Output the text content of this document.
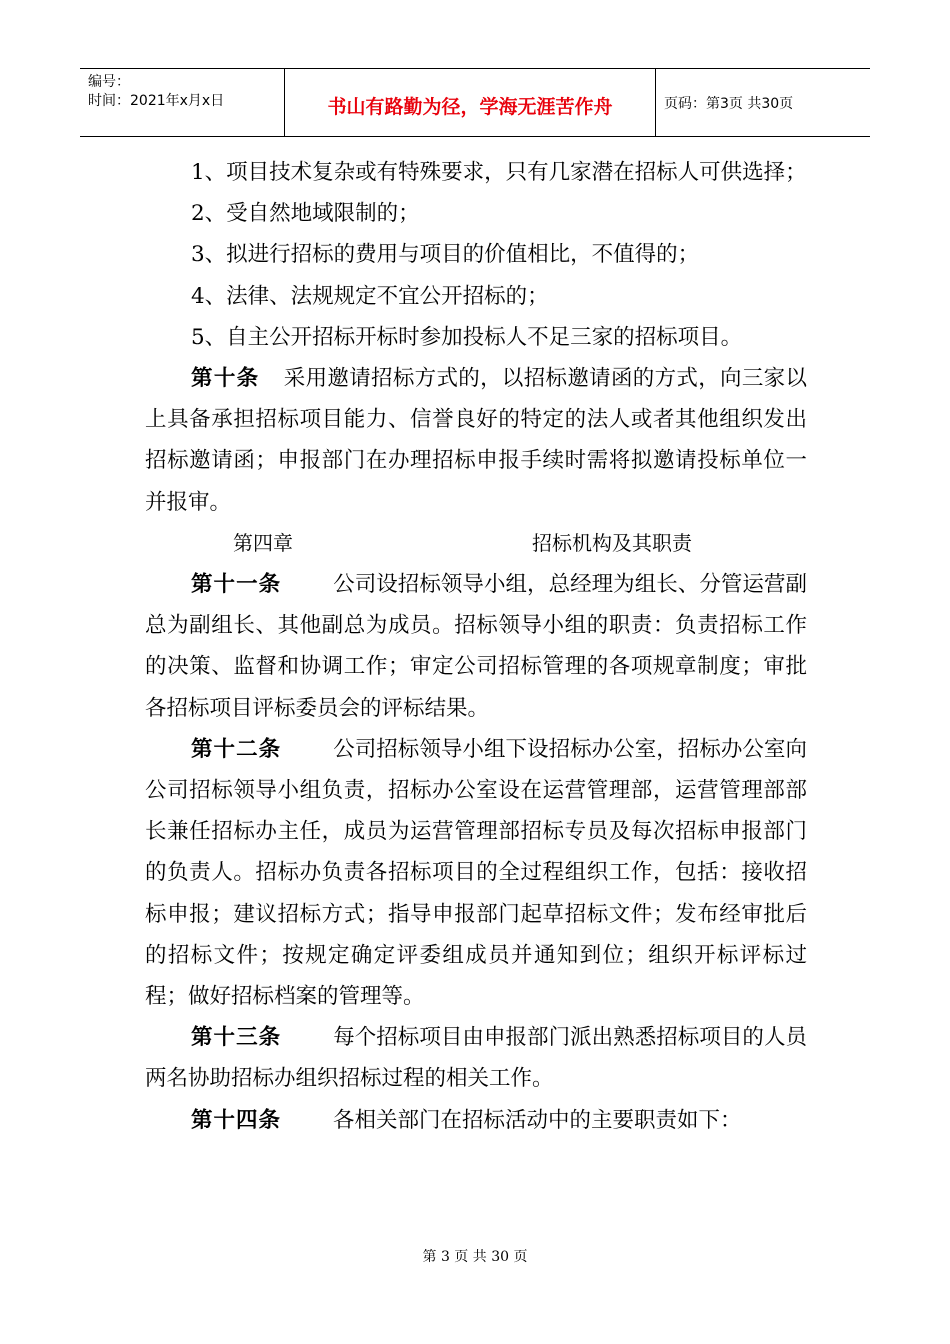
编号：
时间：2021年x月x日	书山有路勤为径，学海无涯苦作舟	页码：第3页 共30页

1、项目技术复杂或有特殊要求，只有几家潜在招标人可供选择；

2、受自然地域限制的；

3、拟进行招标的费用与项目的价值相比，不值得的；

4、法律、法规规定不宜公开招标的；

5、自主公开招标开标时参加投标人不足三家的招标项目。

第十条 采用邀请招标方式的，以招标邀请函的方式，向三家以上具备承担招标项目能力、信誉良好的特定的法人或者其他组织发出招标邀请函；申报部门在办理招标申报手续时需将拟邀请投标单位一并报审。

第四章	招标机构及其职责

第十一条 公司设招标领导小组，总经理为组长、分管运营副总为副组长、其他副总为成员。招标领导小组的职责：负责招标工作的决策、监督和协调工作；审定公司招标管理的各项规章制度；审批各招标项目评标委员会的评标结果。

第十二条 公司招标领导小组下设招标办公室，招标办公室向公司招标领导小组负责，招标办公室设在运营管理部，运营管理部部长兼任招标办主任，成员为运营管理部招标专员及每次招标申报部门的负责人。招标办负责各招标项目的全过程组织工作，包括：接收招标申报；建议招标方式；指导申报部门起草招标文件；发布经审批后的招标文件；按规定确定评委组成员并通知到位；组织开标评标过程；做好招标档案的管理等。

第十三条 每个招标项目由申报部门派出熟悉招标项目的人员两名协助招标办组织招标过程的相关工作。

第十四条 各相关部门在招标活动中的主要职责如下：

第 3 页 共 30 页
